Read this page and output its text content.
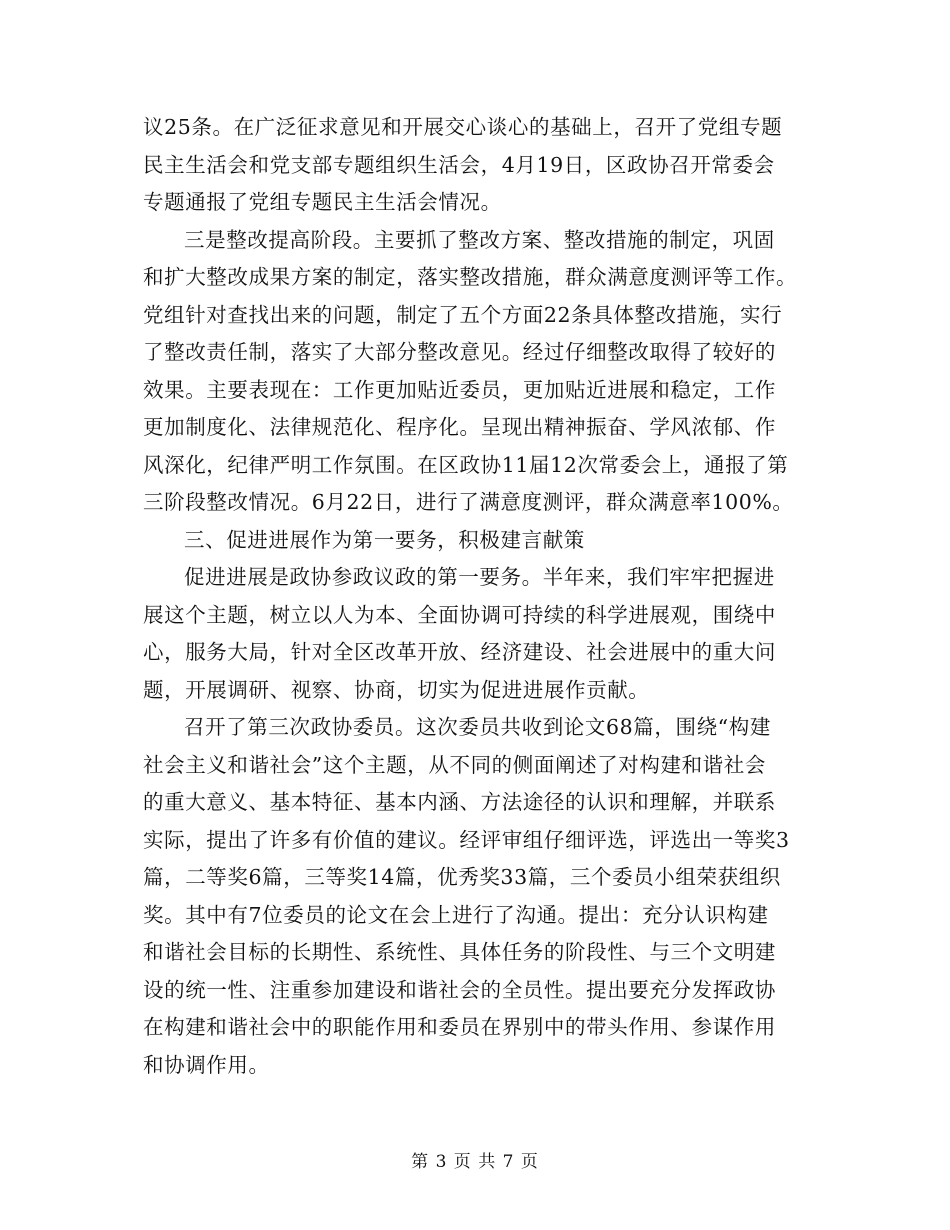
议25条。在广泛征求意见和开展交心谈心的基础上，召开了党组专题
民主生活会和党支部专题组织生活会，4月19日，区政协召开常委会
专题通报了党组专题民主生活会情况。
三是整改提高阶段。主要抓了整改方案、整改措施的制定，巩固
和扩大整改成果方案的制定，落实整改措施，群众满意度测评等工作。
党组针对查找出来的问题，制定了五个方面22条具体整改措施，实行
了整改责任制，落实了大部分整改意见。经过仔细整改取得了较好的
效果。主要表现在：工作更加贴近委员，更加贴近进展和稳定，工作
更加制度化、法律规范化、程序化。呈现出精神振奋、学风浓郁、作
风深化，纪律严明工作氛围。在区政协11届12次常委会上，通报了第
三阶段整改情况。6月22日，进行了满意度测评，群众满意率100%。
三、促进进展作为第一要务，积极建言献策
促进进展是政协参政议政的第一要务。半年来，我们牢牢把握进
展这个主题，树立以人为本、全面协调可持续的科学进展观，围绕中
心，服务大局，针对全区改革开放、经济建设、社会进展中的重大问
题，开展调研、视察、协商，切实为促进进展作贡献。
召开了第三次政协委员。这次委员共收到论文68篇，围绕“构建
社会主义和谐社会”这个主题，从不同的侧面阐述了对构建和谐社会
的重大意义、基本特征、基本内涵、方法途径的认识和理解，并联系
实际，提出了许多有价值的建议。经评审组仔细评选，评选出一等奖3
篇，二等奖6篇，三等奖14篇，优秀奖33篇，三个委员小组荣获组织
奖。其中有7位委员的论文在会上进行了沟通。提出：充分认识构建
和谐社会目标的长期性、系统性、具体任务的阶段性、与三个文明建
设的统一性、注重参加建设和谐社会的全员性。提出要充分发挥政协
在构建和谐社会中的职能作用和委员在界别中的带头作用、参谋作用
和协调作用。
第 3 页 共 7 页
